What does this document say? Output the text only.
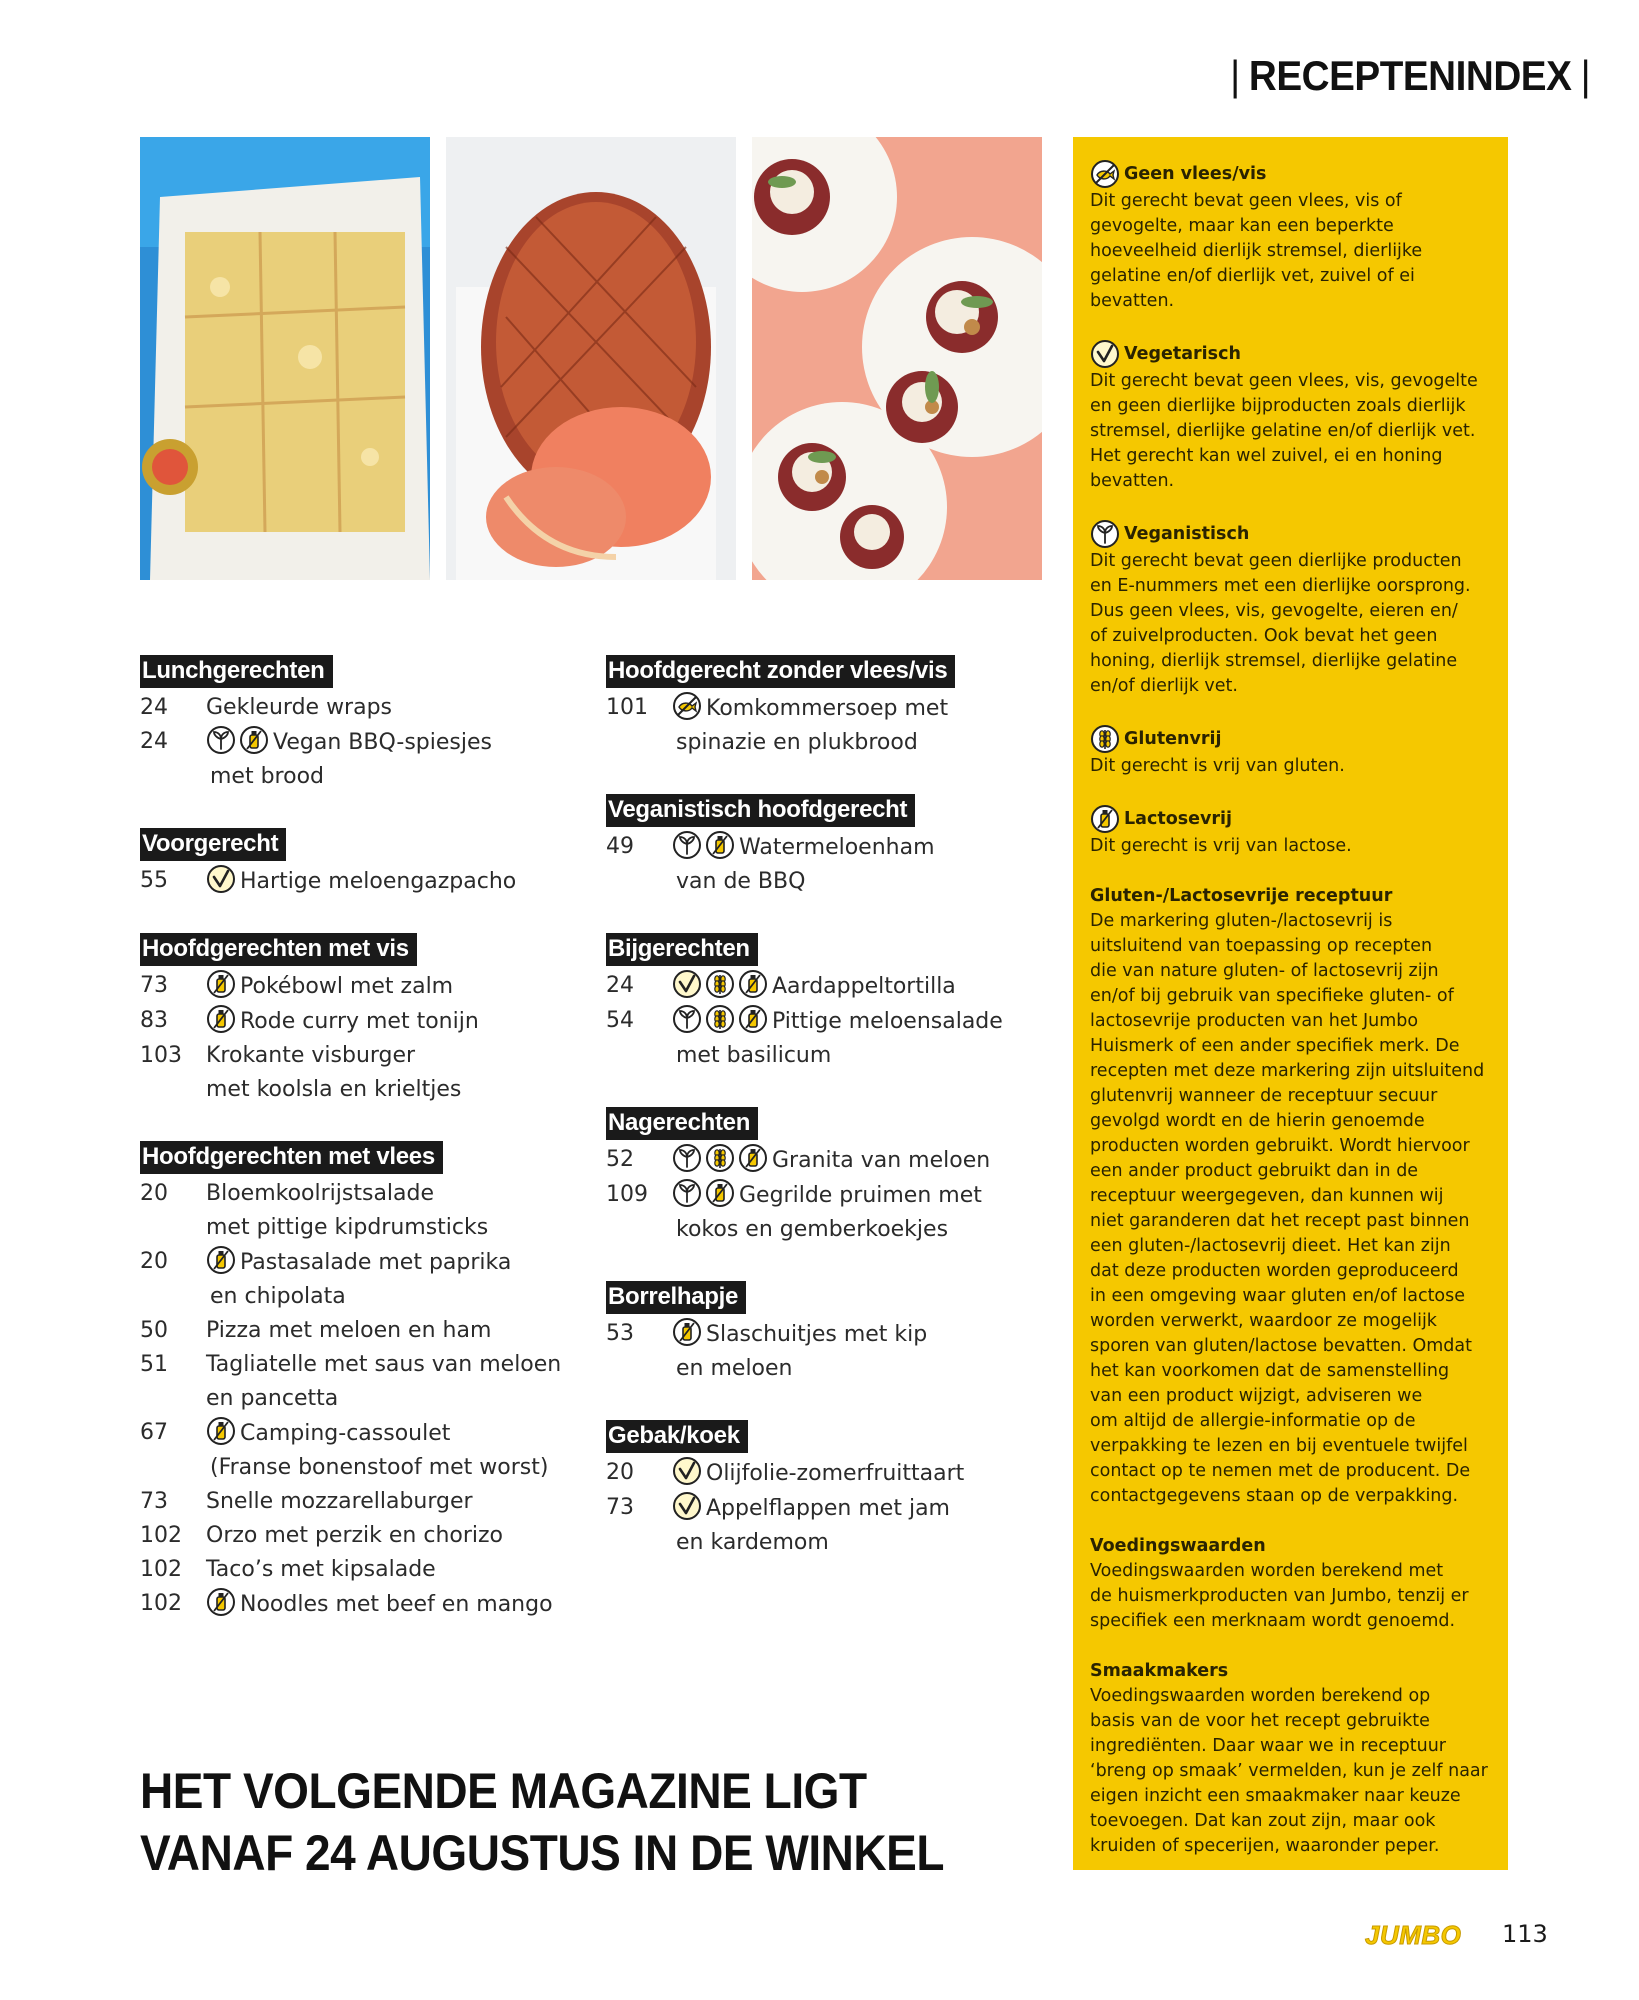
| RECEPTENINDEX |
Lunchgerechten
24	Gekleurde wraps
24	Vegan BBQ-spiesjes
met brood
Voorgerecht
55	Hartige meloengazpacho
Hoofdgerechten met vis
73	Pokébowl met zalm
83	Rode curry met tonijn
103	Krokante visburger
met koolsla en krieltjes
Hoofdgerechten met vlees
20	Bloemkoolrijstsalade
met pittige kipdrumsticks
20	Pastasalade met paprika
en chipolata
50	Pizza met meloen en ham
51	Tagliatelle met saus van meloen
en pancetta
67	Camping-cassoulet
(Franse bonenstoof met worst)
73	Snelle mozzarellaburger
102	Orzo met perzik en chorizo
102	Taco’s met kipsalade
102	Noodles met beef en mango
Hoofdgerecht zonder vlees/vis
101	Komkommersoep met
spinazie en plukbrood
Veganistisch hoofdgerecht
49	Watermeloenham
van de BBQ
Bijgerechten
24	Aardappeltortilla
54	Pittige meloensalade
met basilicum
Nagerechten
52	Granita van meloen
109	Gegrilde pruimen met
kokos en gemberkoekjes
Borrelhapje
53	Slaschuitjes met kip
en meloen
Gebak/koek
20	Olijfolie-zomerfruittaart
73	Appelflappen met jam
en kardemom
HET VOLGENDE MAGAZINE LIGT
VANAF 24 AUGUSTUS IN DE WINKEL
Geen vlees/vis
Dit gerecht bevat geen vlees, vis of
gevogelte, maar kan een beperkte
hoeveelheid dierlijk stremsel, dierlijke
gelatine en/of dierlijk vet, zuivel of ei
bevatten.
Vegetarisch
Dit gerecht bevat geen vlees, vis, gevogelte
en geen dierlijke bijproducten zoals dierlijk
stremsel, dierlijke gelatine en/of dierlijk vet.
Het gerecht kan wel zuivel, ei en honing
bevatten.
Veganistisch
Dit gerecht bevat geen dierlijke producten
en E-nummers met een dierlijke oorsprong.
Dus geen vlees, vis, gevogelte, eieren en/
of zuivelproducten. Ook bevat het geen
honing, dierlijk stremsel, dierlijke gelatine
en/of dierlijk vet.
Glutenvrij
Dit gerecht is vrij van gluten.
Lactosevrij
Dit gerecht is vrij van lactose.
Gluten-/Lactosevrije receptuur
De markering gluten-/lactosevrij is
uitsluitend van toepassing op recepten
die van nature gluten- of lactosevrij zijn
en/of bij gebruik van specifieke gluten- of
lactosevrije producten van het Jumbo
Huismerk of een ander specifiek merk. De
recepten met deze markering zijn uitsluitend
glutenvrij wanneer de receptuur secuur
gevolgd wordt en de hierin genoemde
producten worden gebruikt. Wordt hiervoor
een ander product gebruikt dan in de
receptuur weergegeven, dan kunnen wij
niet garanderen dat het recept past binnen
een gluten-/lactosevrij dieet. Het kan zijn
dat deze producten worden geproduceerd
in een omgeving waar gluten en/of lactose
worden verwerkt, waardoor ze mogelijk
sporen van gluten/lactose bevatten. Omdat
het kan voorkomen dat de samenstelling
van een product wijzigt, adviseren we
om altijd de allergie-informatie op de
verpakking te lezen en bij eventuele twijfel
contact op te nemen met de producent. De
contactgegevens staan op de verpakking.
Voedingswaarden
Voedingswaarden worden berekend met
de huismerkproducten van Jumbo, tenzij er
specifiek een merknaam wordt genoemd.
Smaakmakers
Voedingswaarden worden berekend op
basis van de voor het recept gebruikte
ingrediënten. Daar waar we in receptuur
‘breng op smaak’ vermelden, kun je zelf naar
eigen inzicht een smaakmaker naar keuze
toevoegen. Dat kan zout zijn, maar ook
kruiden of specerijen, waaronder peper.
JUMBO 113
